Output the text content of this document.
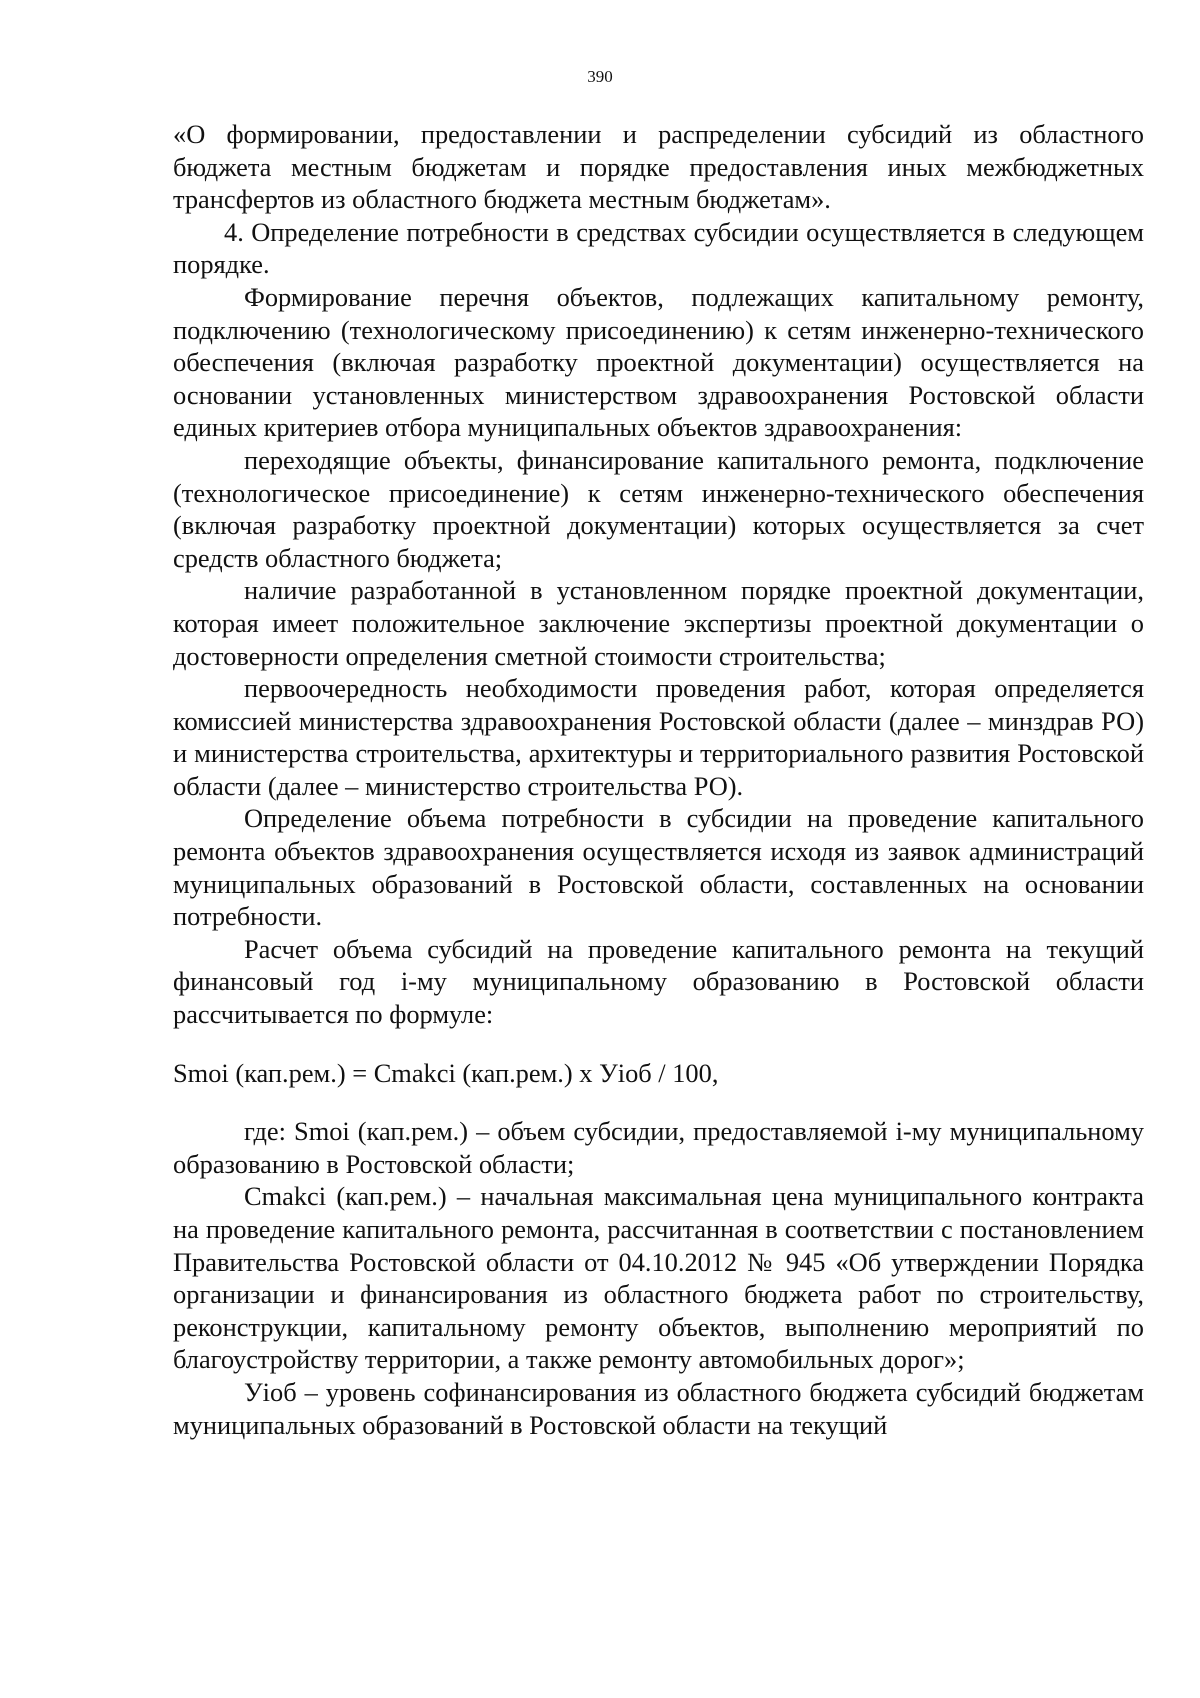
390

«О формировании, предоставлении и распределении субсидий из областного бюджета местным бюджетам и порядке предоставления иных межбюджетных трансфертов из областного бюджета местным бюджетам».

4. Определение потребности в средствах субсидии осуществляется в следующем порядке.

Формирование перечня объектов, подлежащих капитальному ремонту, подключению (технологическому присоединению) к сетям инженерно-технического обеспечения (включая разработку проектной документации) осуществляется на основании установленных министерством здравоохранения Ростовской области единых критериев отбора муниципальных объектов здравоохранения:

переходящие объекты, финансирование капитального ремонта, подключение (технологическое присоединение) к сетям инженерно-технического обеспечения (включая разработку проектной документации) которых осуществляется за счет средств областного бюджета;

наличие разработанной в установленном порядке проектной документации, которая имеет положительное заключение экспертизы проектной документации о достоверности определения сметной стоимости строительства;

первоочередность необходимости проведения работ, которая определяется комиссией министерства здравоохранения Ростовской области (далее – минздрав РО) и министерства строительства, архитектуры и территориального развития Ростовской области (далее – министерство строительства РО).

Определение объема потребности в субсидии на проведение капитального ремонта объектов здравоохранения осуществляется исходя из заявок администраций муниципальных образований в Ростовской области, составленных на основании потребности.

Расчет объема субсидий на проведение капитального ремонта на текущий финансовый год i-му муниципальному образованию в Ростовской области рассчитывается по формуле:

Smoi (кап.рем.) = Cmakci (кап.рем.) х Уioб / 100,

где: Smoi (кап.рем.) – объем субсидии, предоставляемой i-му муниципальному образованию в Ростовской области;

Cmakci (кап.рем.) – начальная максимальная цена муниципального контракта на проведение капитального ремонта, рассчитанная в соответствии с постановлением Правительства Ростовской области от 04.10.2012 № 945 «Об утверждении Порядка организации и финансирования из областного бюджета работ по строительству, реконструкции, капитальному ремонту объектов, выполнению мероприятий по благоустройству территории, а также ремонту автомобильных дорог»;

Уioб – уровень софинансирования из областного бюджета субсидий бюджетам муниципальных образований в Ростовской области на текущий
